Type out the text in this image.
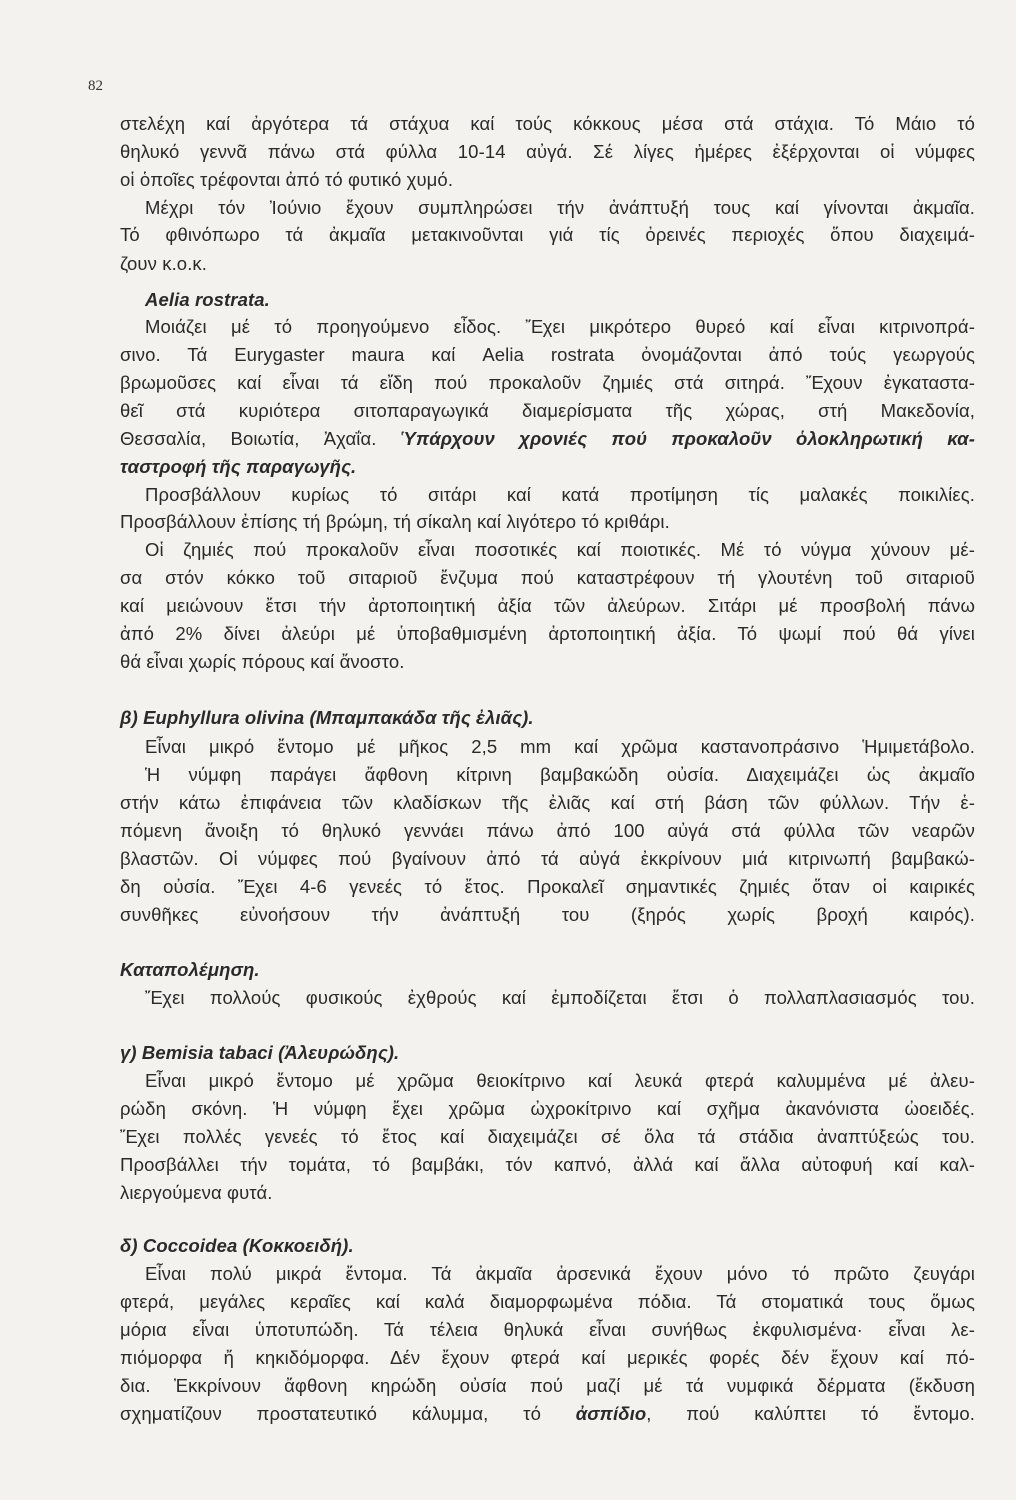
82
στελέχη καί ἀργότερα τά στάχυα καί τούς κόκκους μέσα στά στάχια. Τό Μάιο τό
θηλυκό γεννᾶ πάνω στά φύλλα 10-14 αὐγά. Σέ λίγες ἡμέρες ἐξέρχονται οἱ νύμφες
οἱ ὁποῖες τρέφονται ἀπό τό φυτικό χυμό.
Μέχρι τόν Ἰούνιο ἔχουν συμπληρώσει τήν ἀνάπτυξή τους καί γίνονται ἀκμαῖα.
Τό φθινόπωρο τά ἀκμαῖα μετακινοῦνται γιά τίς ὀρεινές περιοχές ὅπου διαχειμά-
ζουν κ.ο.κ.
Aelia rostrata.
Μοιάζει μέ τό προηγούμενο εἶδος. Ἔχει μικρότερο θυρεό καί εἶναι κιτρινοπρά-
σινο. Τά Eurygaster maura καί Aelia rostrata ὀνομάζονται ἀπό τούς γεωργούς
βρωμοῦσες καί εἶναι τά εἴδη πού προκαλοῦν ζημιές στά σιτηρά. Ἔχουν ἐγκαταστα-
θεῖ στά κυριότερα σιτοπαραγωγικά διαμερίσματα τῆς χώρας, στή Μακεδονία,
Θεσσαλία, Βοιωτία, Ἀχαΐα. Ὑπάρχουν χρονιές πού προκαλοῦν ὁλοκληρωτική κα-
ταστροφή τῆς παραγωγῆς.
Προσβάλλουν κυρίως τό σιτάρι καί κατά προτίμηση τίς μαλακές ποικιλίες.
Προσβάλλουν ἐπίσης τή βρώμη, τή σίκαλη καί λιγότερο τό κριθάρι.
Οἱ ζημιές πού προκαλοῦν εἶναι ποσοτικές καί ποιοτικές. Μέ τό νύγμα χύνουν μέ-
σα στόν κόκκο τοῦ σιταριοῦ ἔνζυμα πού καταστρέφουν τή γλουτένη τοῦ σιταριοῦ
καί μειώνουν ἔτσι τήν ἀρτοποιητική ἀξία τῶν ἀλεύρων. Σιτάρι μέ προσβολή πάνω
ἀπό 2% δίνει ἀλεύρι μέ ὑποβαθμισμένη ἀρτοποιητική ἀξία. Τό ψωμί πού θά γίνει
θά εἶναι χωρίς πόρους καί ἄνοστο.
β) Euphyllura olivina (Μπαμπακάδα τῆς ἐλιᾶς).
Εἶναι μικρό ἔντομο μέ μῆκος 2,5 mm καί χρῶμα καστανοπράσινο Ἡμιμετάβολο.
Ἡ νύμφη παράγει ἄφθονη κίτρινη βαμβακώδη οὐσία. Διαχειμάζει ὡς ἀκμαῖο
στήν κάτω ἐπιφάνεια τῶν κλαδίσκων τῆς ἐλιᾶς καί στή βάση τῶν φύλλων. Τήν ἑ-
πόμενη ἄνοιξη τό θηλυκό γεννάει πάνω ἀπό 100 αὐγά στά φύλλα τῶν νεαρῶν
βλαστῶν. Οἱ νύμφες πού βγαίνουν ἀπό τά αὐγά ἐκκρίνουν μιά κιτρινωπή βαμβακώ-
δη οὐσία. Ἔχει 4-6 γενεές τό ἔτος. Προκαλεῖ σημαντικές ζημιές ὅταν οἱ καιρικές
συνθῆκες εὐνοήσουν τήν ἀνάπτυξή του (ξηρός χωρίς βροχή καιρός).
Καταπολέμηση.
Ἔχει πολλούς φυσικούς ἐχθρούς καί ἐμποδίζεται ἔτσι ὁ πολλαπλασιασμός του.
γ) Bemisia tabaci (Ἀλευρώδης).
Εἶναι μικρό ἔντομο μέ χρῶμα θειοκίτρινο καί λευκά φτερά καλυμμένα μέ ἀλευ-
ρώδη σκόνη. Ἡ νύμφη ἔχει χρῶμα ὠχροκίτρινο καί σχῆμα ἀκανόνιστα ὠοειδές.
Ἔχει πολλές γενεές τό ἔτος καί διαχειμάζει σέ ὅλα τά στάδια ἀναπτύξεώς του.
Προσβάλλει τήν τομάτα, τό βαμβάκι, τόν καπνό, ἀλλά καί ἄλλα αὐτοφυή καί καλ-
λιεργούμενα φυτά.
δ) Coccoidea (Κοκκοειδή).
Εἶναι πολύ μικρά ἔντομα. Τά ἀκμαῖα ἀρσενικά ἔχουν μόνο τό πρῶτο ζευγάρι
φτερά, μεγάλες κεραῖες καί καλά διαμορφωμένα πόδια. Τά στοματικά τους ὅμως
μόρια εἶναι ὑποτυπώδη. Τά τέλεια θηλυκά εἶναι συνήθως ἐκφυλισμένα· εἶναι λε-
πιόμορφα ἤ κηκιδόμορφα. Δέν ἔχουν φτερά καί μερικές φορές δέν ἔχουν καί πό-
δια. Ἐκκρίνουν ἄφθονη κηρώδη οὐσία πού μαζί μέ τά νυμφικά δέρματα (ἔκδυση
σχηματίζουν προστατευτικό κάλυμμα, τό ἀσπίδιο, πού καλύπτει τό ἔντομο.
